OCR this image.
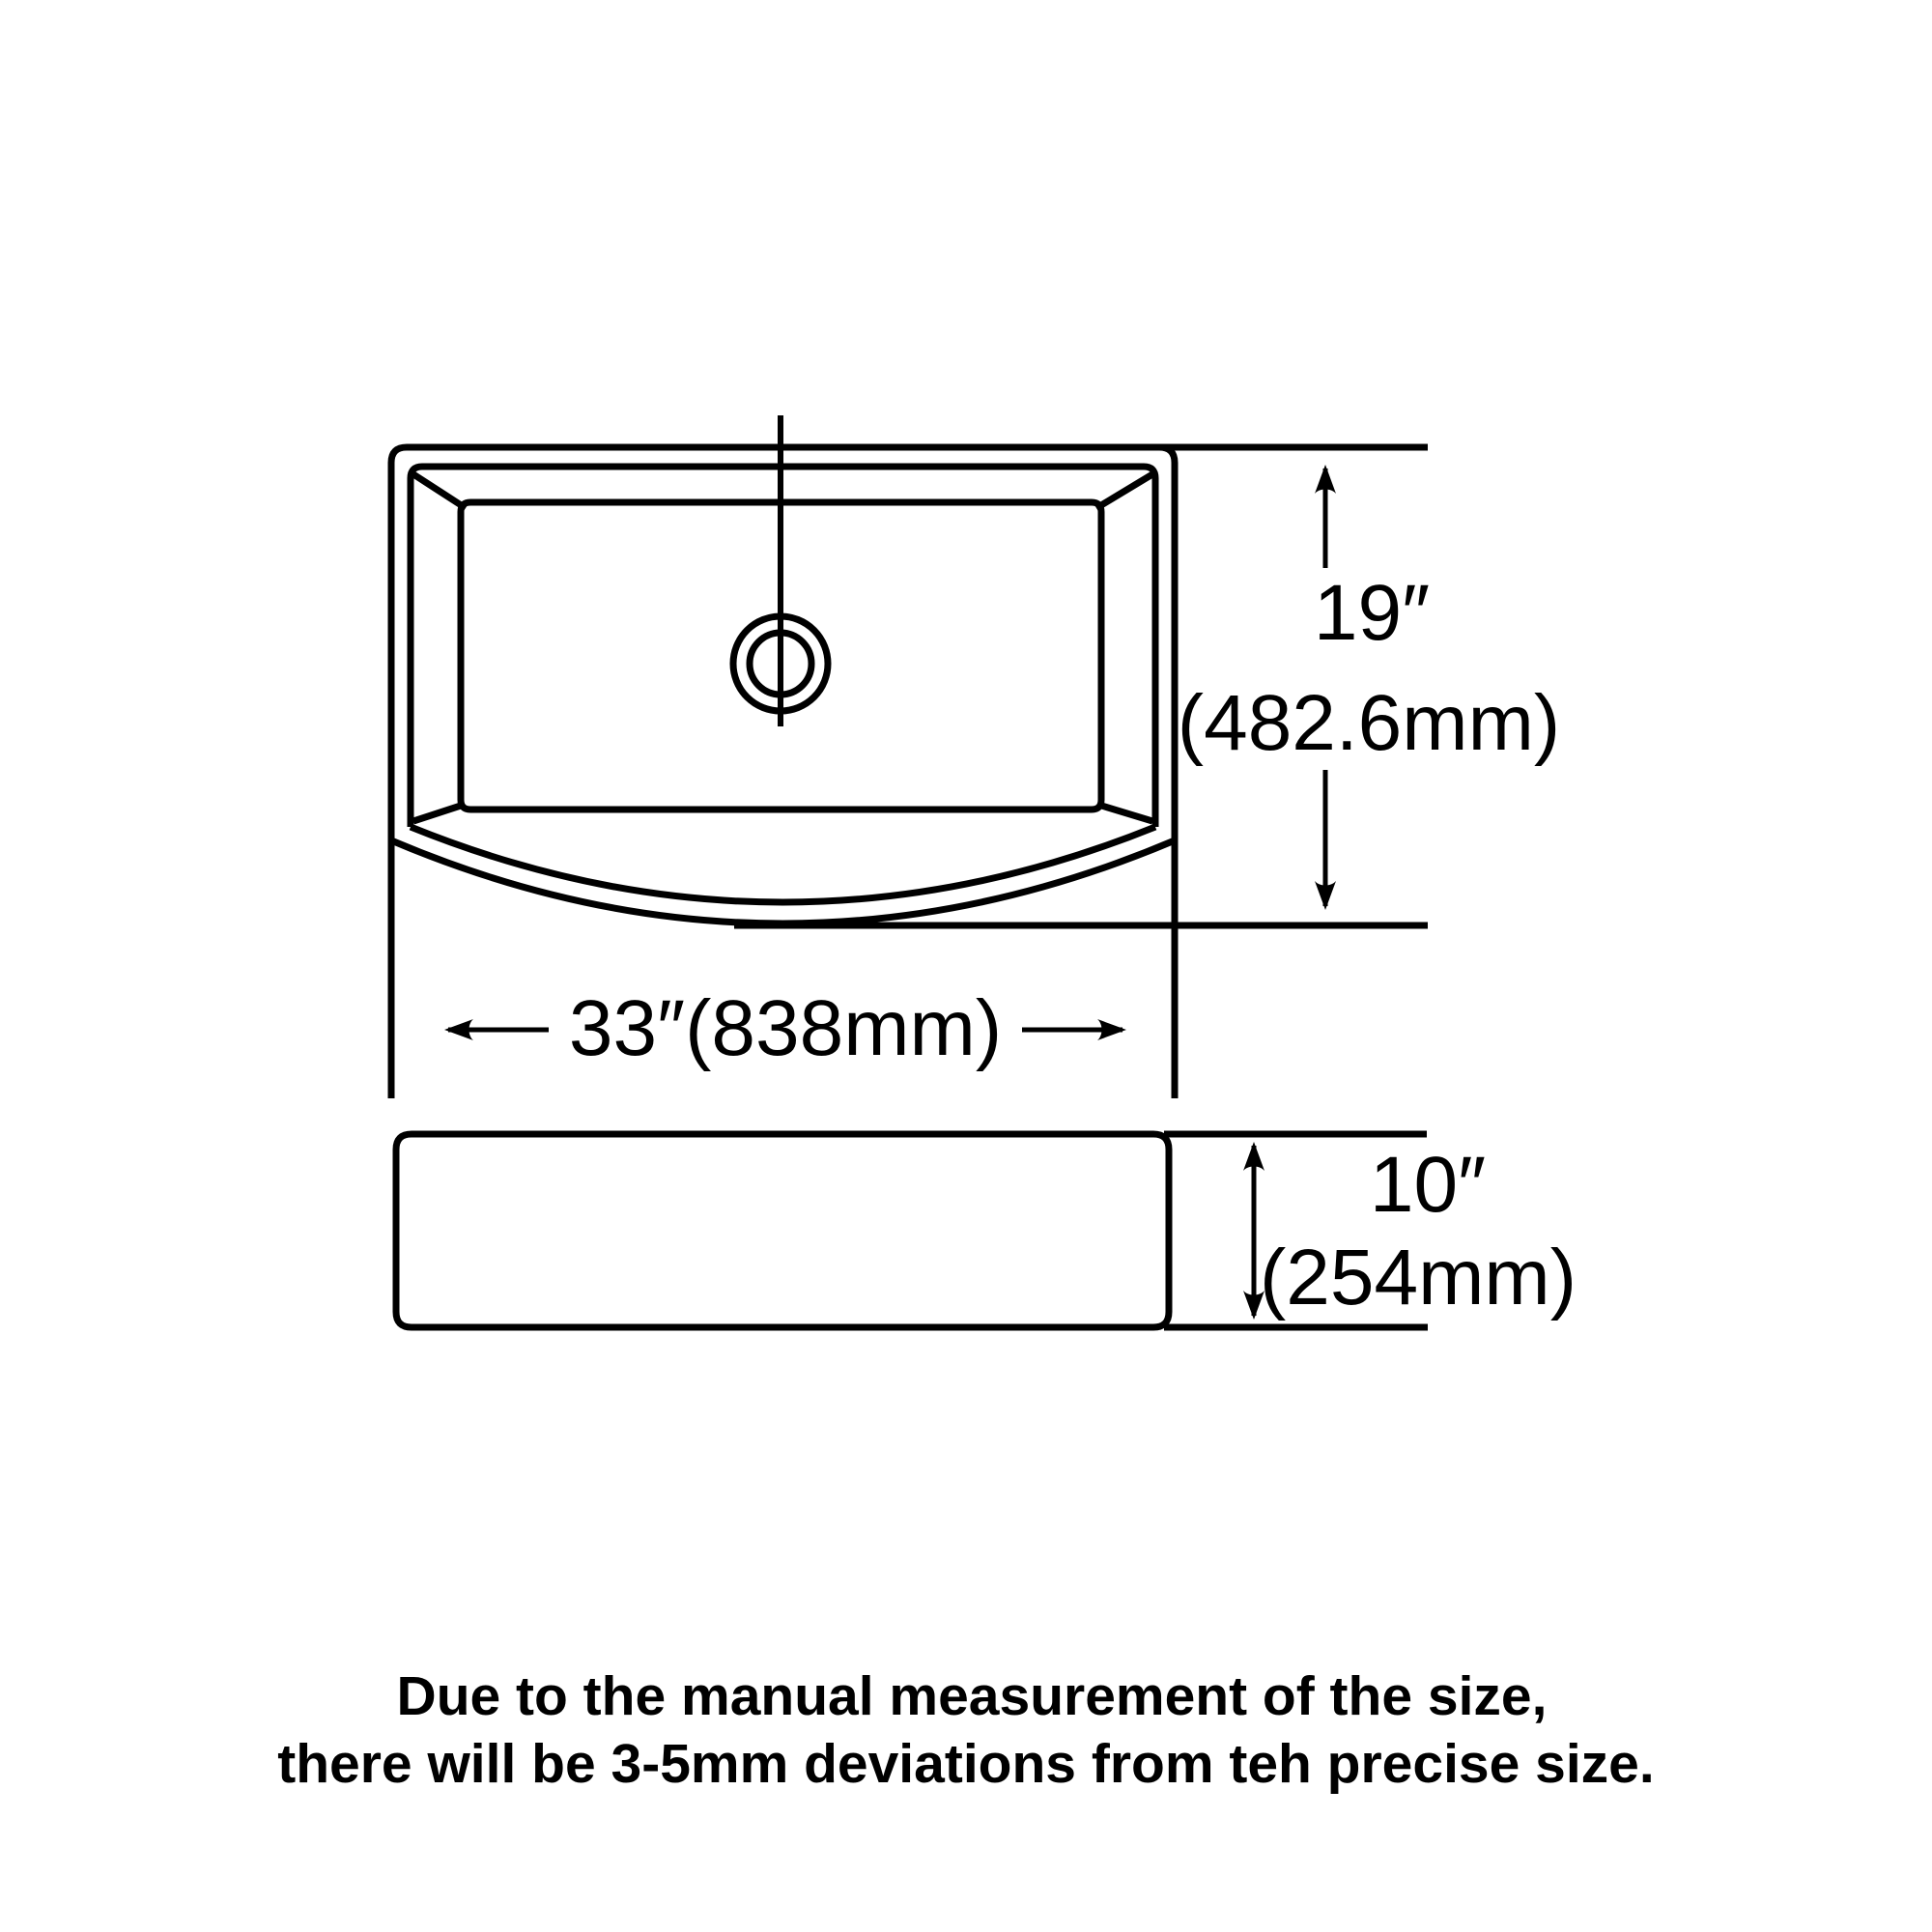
19″
(482.6mm)
33″(838mm)
10″
(254mm)
Due to the manual measurement of the size,
there will be 3-5mm deviations from teh precise size.
